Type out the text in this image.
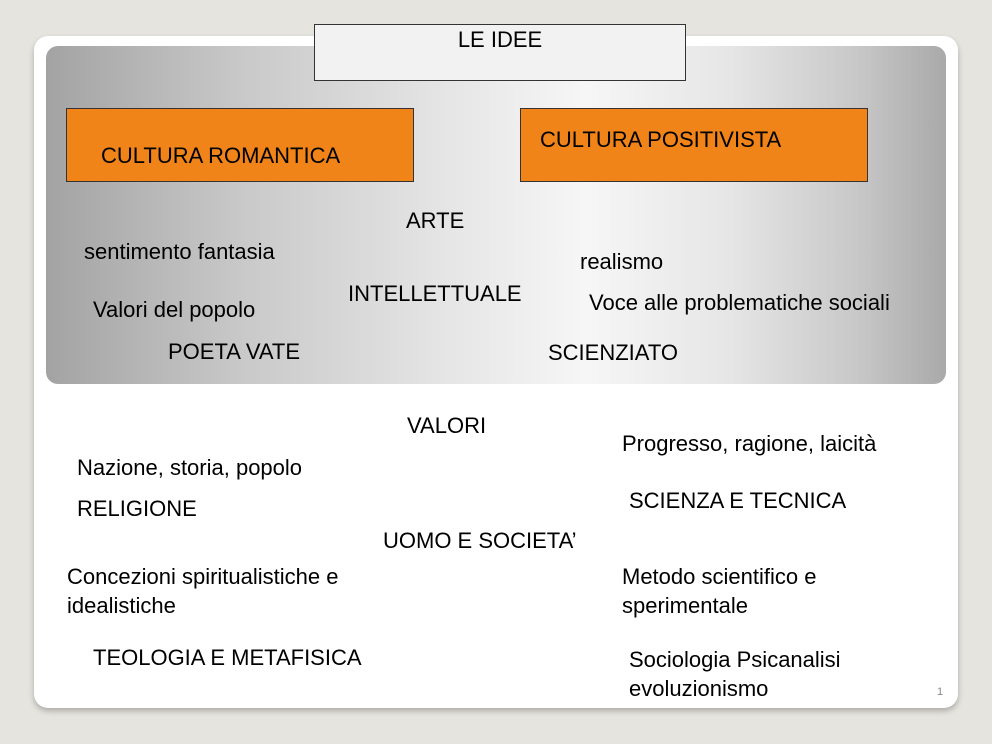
LE IDEE
CULTURA ROMANTICA
CULTURA POSITIVISTA
ARTE
sentimento fantasia
Valori del popolo
realismo
Voce alle problematiche sociali
INTELLETTUALE
POETA VATE	SCIENZIATO
VALORI
Nazione, storia, popolo
RELIGIONE
Progresso, ragione, laicità
SCIENZA E TECNICA
UOMO E SOCIETA’
Concezioni spiritualistiche e
idealistiche
TEOLOGIA E METAFISICA
Metodo scientifico e
sperimentale
Sociologia Psicanalisi
evoluzionismo	1
